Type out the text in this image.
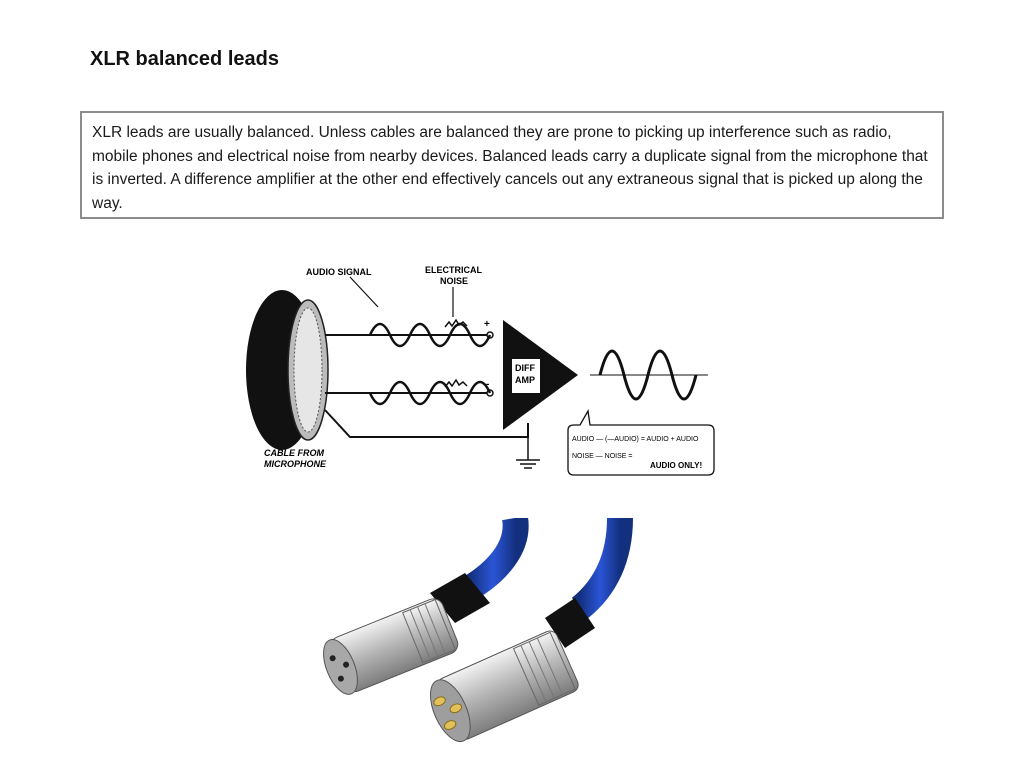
XLR balanced leads

XLR leads are usually balanced. Unless cables are balanced they are prone to picking up interference such as radio, mobile phones and electrical noise from nearby devices. Balanced leads carry a duplicate signal from the microphone that is inverted. A difference amplifier at the other end effectively cancels out any extraneous signal that is picked up along the way.

AUDIO SIGNAL	ELECTRICAL
NOISE
+
-
DIFF
AMP
AUDIO — (—AUDIO) = AUDIO + AUDIO
NOISE — NOISE =
AUDIO ONLY!
CABLE FROM
MICROPHONE
